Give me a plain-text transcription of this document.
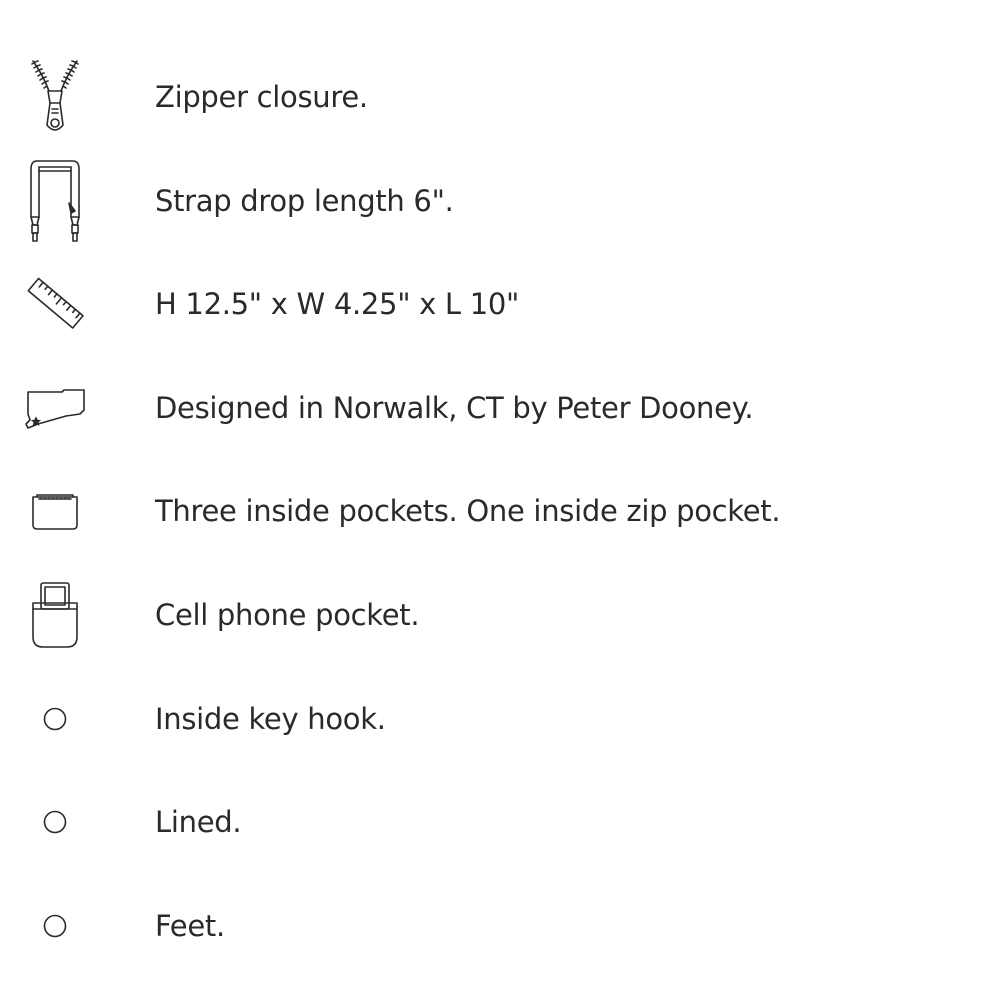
Zipper closure.
Strap drop length 6".
H 12.5" x W 4.25" x L 10"
Designed in Norwalk, CT by Peter Dooney.
Three inside pockets. One inside zip pocket.
Cell phone pocket.
Inside key hook.
Lined.
Feet.
